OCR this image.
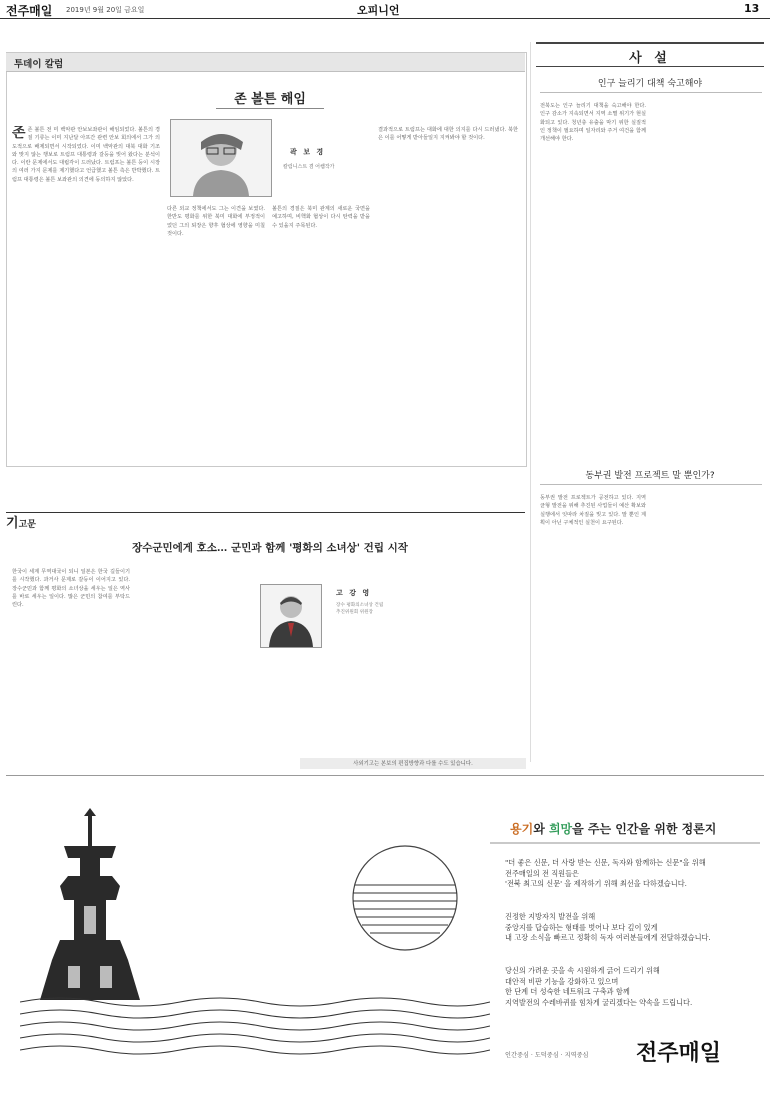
전주매일 2019년 9월 20일 금요일	오피니언	13
투데이 칼럼
존 볼튼 해임
곽 보 경
칼럼니스트 겸 어쌤작가
존 존 볼튼 전 미 백악관 안보보좌관이 해임되었다. 볼튼의 경질 기류는 이미 지난달 아프간 관련 안보 회의에서 그가 의도적으로 배제되면서 시작되었다. 이미 백악관의 대북 대화 기조와 맞지 않는 행보로 트럼프 대통령과 갈등을 빚어 왔다는 분석이다. 이란 문제에서도 대립각이 드러났다. 트럼프는 볼튼 등이 시장의 여러 가지 문제를 제기했다고 언급했고 볼튼 측은 반박했다. 트럼프 대통령은 볼튼 보좌관의 의견에 동의하지 않았다.
다른 외교 정책에서도 그는 이견을 보였다. 한반도 평화를 위한 북미 대화에 부정적이었던 그의 퇴장은 향후 협상에 영향을 미칠 것이다.
볼튼의 경질은 북미 관계의 새로운 국면을 예고하며, 비핵화 협상이 다시 탄력을 받을 수 있을지 주목된다.
결과적으로 트럼프는 대화에 대한 의지를 다시 드러냈다. 북한은 이를 어떻게 받아들일지 지켜봐야 할 것이다.
사 설
인구 늘리기 대책 숙고해야
전북도는 인구 늘리기 대책을 숙고해야 한다. 인구 감소가 지속되면서 지역 소멸 위기가 현실화되고 있다. 청년층 유출을 막기 위한 실질적인 정책이 필요하며 일자리와 주거 여건을 함께 개선해야 한다.
동부권 발전 프로젝트 말 뿐인가?
동부권 발전 프로젝트가 공전하고 있다. 지역 균형 발전을 위해 추진된 사업들이 예산 확보와 실행에서 잇따라 차질을 빚고 있다. 말 뿐인 계획이 아닌 구체적인 실천이 요구된다.
기고문
장수군민에게 호소… 군민과 함께 '평화의 소녀상' 건립 시작
고 강 영
장수 평화의소녀상 건립 추진위원회 위원장
한국이 세계 무역대국이 되니 일본은 한국 길들이기를 시작했다. 과거사 문제로 갈등이 이어지고 있다. 장수군민과 함께 평화의 소녀상을 세우는 일은 역사를 바로 세우는 일이다. 많은 군민의 참여를 부탁드린다.
사외기고는 본보의 편집방향과 다를 수도 있습니다.
용기와 희망을 주는 인간을 위한 정론지
"더 좋은 신문, 더 사랑 받는 신문, 독자와 함께하는 신문"을 위해
전주매일의 전 직원들은
'전북 최고의 신문' 을 제작하기 위해 최선을 다하겠습니다.
진정한 지방자치 발전을 위해
중앙지를 답습하는 형태를 벗어나 보다 깊이 있게
내 고장 소식을 빠르고 정확히 독자 여러분들에게 전달하겠습니다.
당신의 가려운 곳을 속 시원하게 긁어 드리기 위해
대안적 비판 기능을 강화하고 있으며
한 단계 더 성숙한 네트워크 구축과 함께
지역발전의 수레바퀴를 힘차게 굴리겠다는 약속을 드립니다.
인간중심 · 도덕중심 · 지역중심 전주매일
